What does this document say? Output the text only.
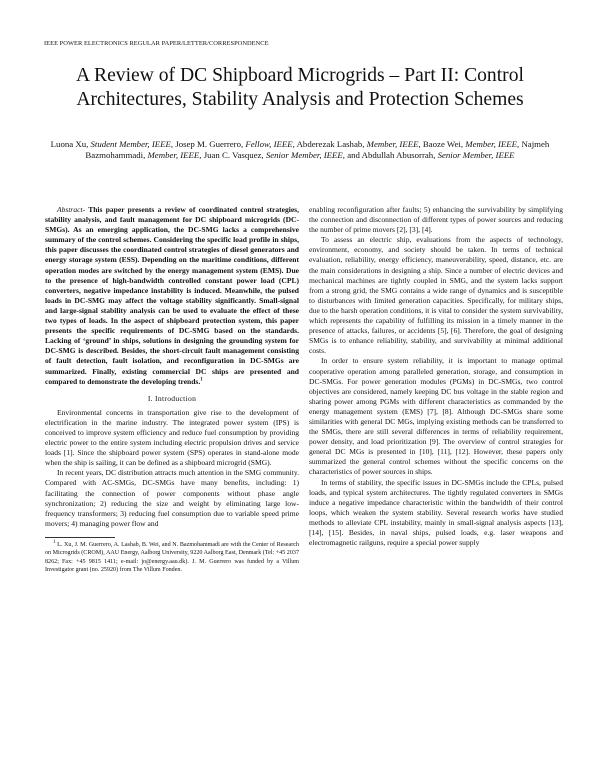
IEEE POWER ELECTRONICS REGULAR PAPER/LETTER/CORRESPONDENCE
A Review of DC Shipboard Microgrids – Part II: Control Architectures, Stability Analysis and Protection Schemes
Luona Xu, Student Member, IEEE, Josep M. Guerrero, Fellow, IEEE, Abderezak Lashab, Member, IEEE, Baoze Wei, Member, IEEE, Najmeh Bazmohammadi, Member, IEEE, Juan C. Vasquez, Senior Member, IEEE, and Abdullah Abusorrah, Senior Member, IEEE

Abstract- This paper presents a review of coordinated control strategies, stability analysis, and fault management for DC shipboard microgrids (DC-SMGs). As an emerging application, the DC-SMG lacks a comprehensive summary of the control schemes. Considering the specific load profile in ships, this paper discusses the coordinated control strategies of diesel generators and energy storage system (ESS). Depending on the maritime conditions, different operation modes are switched by the energy management system (EMS). Due to the presence of high-bandwidth controlled constant power load (CPL) converters, negative impedance instability is induced. Meanwhile, the pulsed loads in DC-SMG may affect the voltage stability significantly. Small-signal and large-signal stability analysis can be used to evaluate the effect of these two types of loads. In the aspect of shipboard protection system, this paper presents the specific requirements of DC-SMG based on the standards. Lacking of ‘ground’ in ships, solutions in designing the grounding system for DC-SMG is described. Besides, the short-circuit fault management consisting of fault detection, fault isolation, and reconfiguration in DC-SMGs are summarized. Finally, existing commercial DC ships are presented and compared to demonstrate the developing trends.$^1$

I. Introduction

Environmental concerns in transportation give rise to the development of electrification in the marine industry. The integrated power system (IPS) is conceived to improve system efficiency and reduce fuel consumption by providing electric power to the entire system including electric propulsion drives and service loads [1]. Since the shipboard power system (SPS) operates in stand-alone mode when the ship is sailing, it can be defined as a shipboard microgrid (SMG).

In recent years, DC distribution attracts much attention in the SMG community. Compared with AC-SMGs, DC-SMGs have many benefits, including: 1) facilitating the connection of power components without phase angle synchronization; 2) reducing the size and weight by eliminating large low-frequency transformers; 3) reducing fuel consumption due to variable speed prime movers; 4) managing power flow and

$^1$ L. Xu, J. M. Guerrero, A. Lashab, B. Wei, and N. Bazmohammadi are with the Center of Research on Microgrids (CROM), AAU Energy, Aalborg University, 9220 Aalborg East, Denmark (Tel: +45 2037 8262; Fax: +45 9815 1411; e-mail: jo@energy.aau.dk). J. M. Guerrero was funded by a Villum Investigator grant (no. 25920) from The Villum Fonden.

enabling reconfiguration after faults; 5) enhancing the survivability by simplifying the connection and disconnection of different types of power sources and reducing the number of prime movers [2], [3], [4].

To assess an electric ship, evaluations from the aspects of technology, environment, economy, and society should be taken. In terms of technical evaluation, reliability, energy efficiency, maneuverability, speed, distance, etc. are the main considerations in designing a ship. Since a number of electric devices and mechanical machines are tightly coupled in SMG, and the system lacks support from a strong grid, the SMG contains a wide range of dynamics and is susceptible to disturbances with limited generation capacities. Specifically, for military ships, due to the harsh operation conditions, it is vital to consider the system survivability, which represents the capability of fulfilling its mission in a timely manner in the presence of attacks, failures, or accidents [5], [6]. Therefore, the goal of designing SMGs is to enhance reliability, stability, and survivability at minimal additional costs.

In order to ensure system reliability, it is important to manage optimal cooperative operation among paralleled generation, storage, and consumption in DC-SMGs. For power generation modules (PGMs) in DC-SMGs, two control objectives are considered, namely keeping DC bus voltage in the stable region and sharing power among PGMs with different characteristics as commanded by the energy management system (EMS) [7], [8]. Although DC-SMGs share some similarities with general DC MGs, implying existing methods can be transferred to the SMGs, there are still several differences in terms of reliability requirement, power density, and load prioritization [9]. The overview of control strategies for general DC MGs is presented in [10], [11], [12]. However, these papers only summarized the general control schemes without the specific concerns on the characteristics of power sources in ships.

In terms of stability, the specific issues in DC-SMGs include the CPLs, pulsed loads, and typical system architectures. The tightly regulated converters in SMGs induce a negative impedance characteristic within the bandwidth of their control loops, which weaken the system stability. Several research works have studied methods to alleviate CPL instability, mainly in small-signal analysis aspects [13], [14], [15]. Besides, in naval ships, pulsed loads, e.g. laser weapons and electromagnetic railguns, require a special power supply
